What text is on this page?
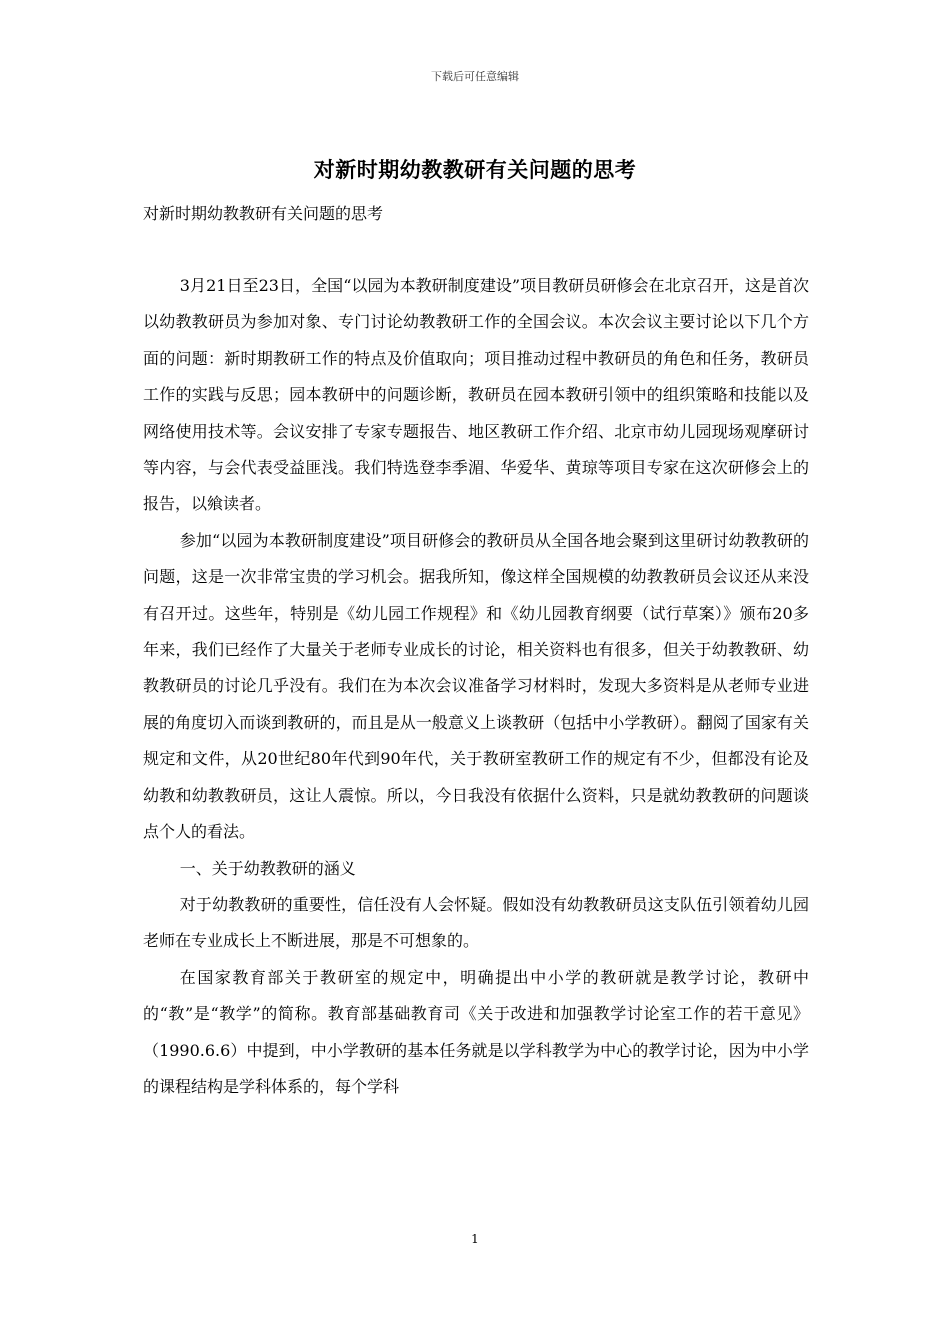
下载后可任意编辑
对新时期幼教教研有关问题的思考
对新时期幼教教研有关问题的思考

3月21日至23日，全国“以园为本教研制度建设”项目教研员研修会在北京召开，这是首次以幼教教研员为参加对象、专门讨论幼教教研工作的全国会议。本次会议主要讨论以下几个方面的问题：新时期教研工作的特点及价值取向；项目推动过程中教研员的角色和任务，教研员工作的实践与反思；园本教研中的问题诊断，教研员在园本教研引领中的组织策略和技能以及网络使用技术等。会议安排了专家专题报告、地区教研工作介绍、北京市幼儿园现场观摩研讨等内容，与会代表受益匪浅。我们特选登李季湄、华爱华、黄琼等项目专家在这次研修会上的报告，以飨读者。

参加“以园为本教研制度建设”项目研修会的教研员从全国各地会聚到这里研讨幼教教研的问题，这是一次非常宝贵的学习机会。据我所知，像这样全国规模的幼教教研员会议还从来没有召开过。这些年，特别是《幼儿园工作规程》和《幼儿园教育纲要（试行草案）》颁布20多年来，我们已经作了大量关于老师专业成长的讨论，相关资料也有很多，但关于幼教教研、幼教教研员的讨论几乎没有。我们在为本次会议准备学习材料时，发现大多资料是从老师专业进展的角度切入而谈到教研的，而且是从一般意义上谈教研（包括中小学教研）。翻阅了国家有关规定和文件，从20世纪80年代到90年代，关于教研室教研工作的规定有不少，但都没有论及幼教和幼教教研员，这让人震惊。所以，今日我没有依据什么资料，只是就幼教教研的问题谈点个人的看法。

一、关于幼教教研的涵义

对于幼教教研的重要性，信任没有人会怀疑。假如没有幼教教研员这支队伍引领着幼儿园老师在专业成长上不断进展，那是不可想象的。

在国家教育部关于教研室的规定中，明确提出中小学的教研就是教学讨论，教研中的“教”是“教学”的简称。教育部基础教育司《关于改进和加强教学讨论室工作的若干意见》（1990.6.6）中提到，中小学教研的基本任务就是以学科教学为中心的教学讨论，因为中小学的课程结构是学科体系的，每个学科

1
